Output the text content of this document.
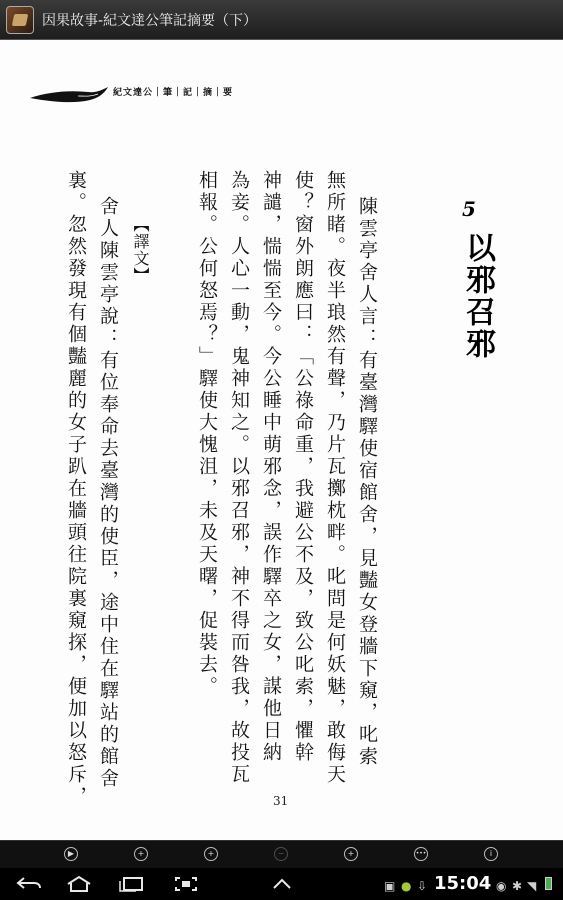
因果故事-紀文達公筆記摘要（下）
紀文達公｜筆｜記｜摘｜要
5
以邪召邪
陳雲亭舍人言：有臺灣驛使宿館舍，見豔女登牆下窺，叱索
無所睹。夜半琅然有聲，乃片瓦擲枕畔。叱問是何妖魅，敢侮天
使？窗外朗應曰：「公祿命重，我避公不及，致公叱索，懼幹
神譴，惴惴至今。今公睡中萌邪念，誤作驛卒之女，謀他日納
為妾。人心一動，鬼神知之。以邪召邪，神不得而咎我，故投瓦
相報。公何怒焉？」驛使大愧沮，未及天曙，促裝去。
【譯文】
舍人陳雲亭說：有位奉命去臺灣的使臣，途中住在驛站的館舍
裏。忽然發現有個豔麗的女子趴在牆頭往院裏窺探，便加以怒斥，	31
▶	+	+	−	+	•••	i
▣ ● ⇩ 15:04 ◉ ✱ ◥
